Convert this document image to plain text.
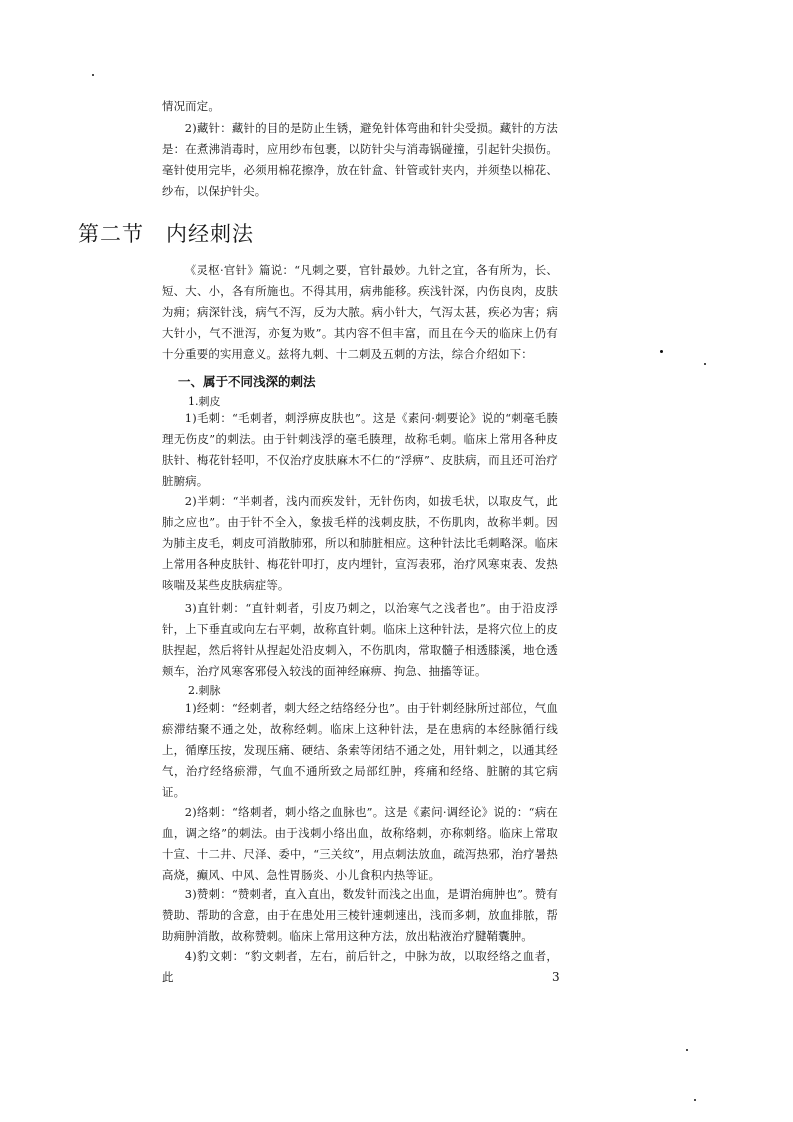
情况而定。

2)藏针：藏针的目的是防止生锈，避免针体弯曲和针尖受损。藏针的方法是：在煮沸消毒时，应用纱布包裹，以防针尖与消毒锅碰撞，引起针尖损伤。毫针使用完毕，必须用棉花擦净，放在针盒、针管或针夹内，并须垫以棉花、纱布，以保护针尖。

第二节 内经刺法

《灵枢·官针》篇说：“凡刺之要，官针最妙。九针之宜，各有所为，长、短、大、小，各有所施也。不得其用，病弗能移。疾浅针深，内伤良肉，皮肤为痈；病深针浅，病气不泻，反为大脓。病小针大，气泻太甚，疾必为害；病大针小，气不泄泻，亦复为败”。其内容不但丰富，而且在今天的临床上仍有十分重要的实用意义。兹将九刺、十二刺及五刺的方法，综合介绍如下：

一、属于不同浅深的刺法

1.刺皮

1)毛刺：“毛刺者，刺浮痹皮肤也”。这是《素问·刺要论》说的“刺毫毛腠理无伤皮”的刺法。由于针刺浅浮的毫毛腠理，故称毛刺。临床上常用各种皮肤针、梅花针轻叩，不仅治疗皮肤麻木不仁的“浮痹”、皮肤病，而且还可治疗脏腑病。

2)半刺：“半刺者，浅内而疾发针，无针伤肉，如拔毛状，以取皮气，此肺之应也”。由于针不全入，象拔毛样的浅刺皮肤，不伤肌肉，故称半刺。因为肺主皮毛，刺皮可消散肺邪，所以和肺脏相应。这种针法比毛刺略深。临床上常用各种皮肤针、梅花针叩打，皮内埋针，宣泻表邪，治疗风寒束表、发热咳喘及某些皮肤病症等。

3)直针刺：“直针刺者，引皮乃刺之，以治寒气之浅者也”。由于沿皮浮针，上下垂直或向左右平刺，故称直针刺。临床上这种针法，是将穴位上的皮肤捏起，然后将针从捏起处沿皮刺入，不伤肌肉，常取髓子相透膝溪，地仓透颊车，治疗风寒客邪侵入较浅的面神经麻痹、拘急、抽搐等证。

2.刺脉

1)经刺：“经刺者，刺大经之结络经分也”。由于针刺经脉所过部位，气血瘀滞结聚不通之处，故称经刺。临床上这种针法，是在患病的本经脉循行线上，循摩压按，发现压痛、硬结、条索等闭结不通之处，用针刺之，以通其经气，治疗经络瘀滞，气血不通所致之局部红肿，疼痛和经络、脏腑的其它病证。

2)络刺：“络刺者，刺小络之血脉也”。这是《素问·调经论》说的：“病在血，调之络”的刺法。由于浅刺小络出血，故称络刺，亦称刺络。临床上常取十宣、十二井、尺泽、委中，“三关纹”，用点刺法放血，疏泻热邪，治疗暑热高烧，癫风、中风、急性胃肠炎、小儿食积内热等证。

3)赞刺：“赞刺者，直入直出，数发针而浅之出血，是谓治痈肿也”。赞有赞助、帮助的含意，由于在患处用三棱针速刺速出，浅而多刺，放血排脓，帮助痈肿消散，故称赞刺。临床上常用这种方法，放出粘液治疗腱鞘囊肿。

4)豹文刺：“豹文刺者，左右，前后针之，中脉为故，以取经络之血者，此	3
